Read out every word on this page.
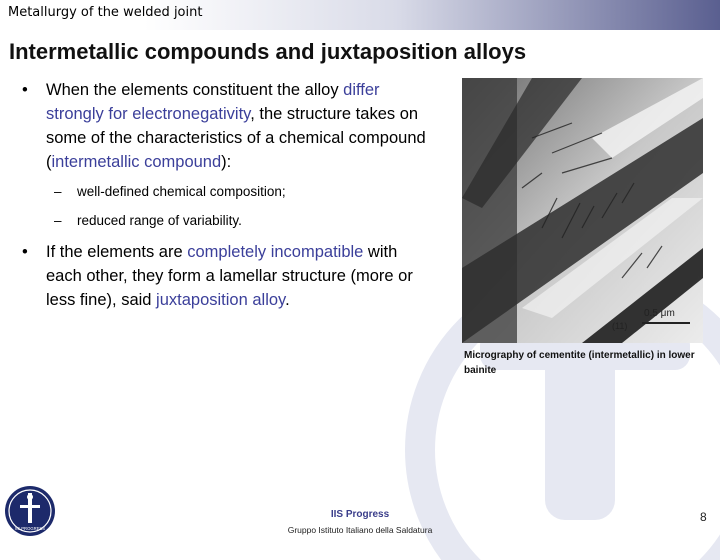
Metallurgy of the welded joint
Intermetallic compounds and juxtaposition alloys
• When the elements constituent the alloy differ strongly for electronegativity, the structure takes on some of the characteristics of a chemical compound (intermetallic compound):
– well-defined chemical composition;
– reduced range of variability.
• If the elements are completely incompatible with each other, they form a lamellar structure (more or less fine), said juxtaposition alloy.
(11)
0.5 μm
Micrography of cementite (intermetallic) in lower bainite
IIS PROGRESS
IIS Progress
Gruppo Istituto Italiano della Saldatura
8
